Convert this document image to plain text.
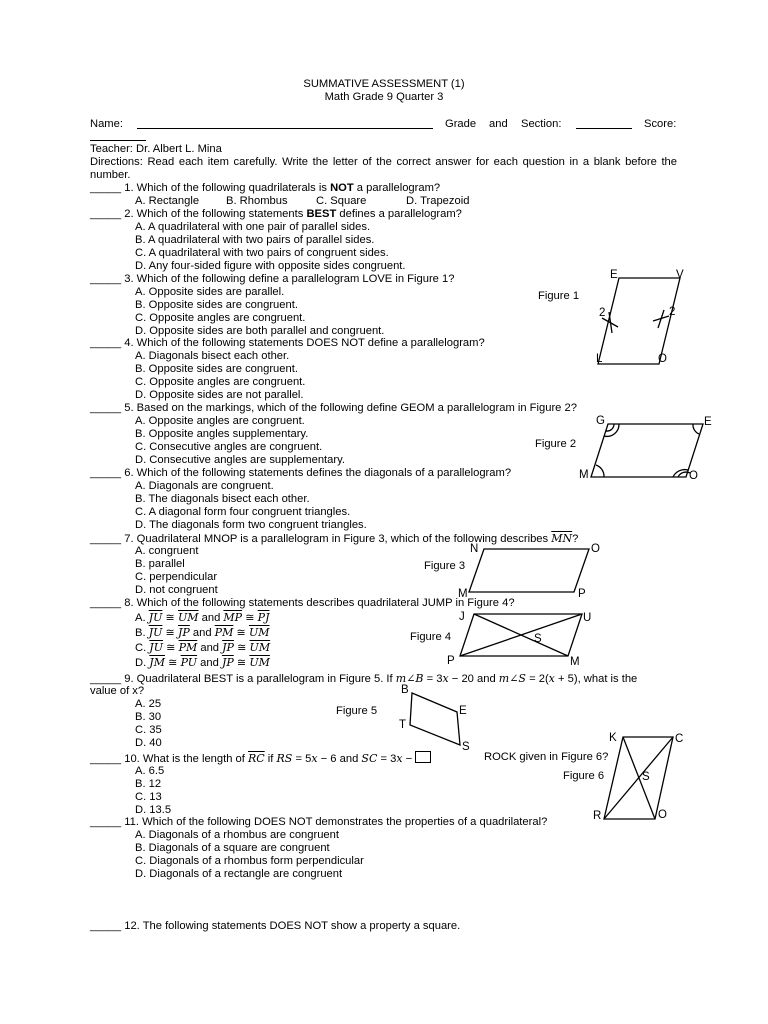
SUMMATIVE ASSESSMENT (1)
Math Grade 9 Quarter 3
Name:	Grade and Section:	Score:
Teacher: Dr. Albert L. Mina
Directions: Read each item carefully. Write the letter of the correct answer for each question in a blank before the
number.
_____ 1. Which of the following quadrilaterals is NOT a parallelogram?
A. Rectangle B. Rhombus	C. Square	D. Trapezoid
_____ 2. Which of the following statements BEST defines a parallelogram?
A. A quadrilateral with one pair of parallel sides.
B. A quadrilateral with two pairs of parallel sides.
C. A quadrilateral with two pairs of congruent sides.
D. Any four-sided figure with opposite sides congruent.
_____ 3. Which of the following define a parallelogram LOVE in Figure 1?
A. Opposite sides are parallel.
B. Opposite sides are congruent.
C. Opposite angles are congruent.
D. Opposite sides are both parallel and congruent.
_____ 4. Which of the following statements DOES NOT define a parallelogram?
A. Diagonals bisect each other.
B. Opposite sides are congruent.
C. Opposite angles are congruent.
D. Opposite sides are not parallel.
_____ 5. Based on the markings, which of the following define GEOM a parallelogram in Figure 2?
A. Opposite angles are congruent.
B. Opposite angles supplementary.
C. Consecutive angles are congruent.
D. Consecutive angles are supplementary.
_____ 6. Which of the following statements defines the diagonals of a parallelogram?
A. Diagonals are congruent.
B. The diagonals bisect each other.
C. A diagonal form four congruent triangles.
D. The diagonals form two congruent triangles.
_____ 7. Quadrilateral MNOP is a parallelogram in Figure 3, which of the following describes $\overline{MN}$?
A. congruent
B. parallel
C. perpendicular
D. not congruent
_____ 8. Which of the following statements describes quadrilateral JUMP in Figure 4?
A. $\overline{JU}$ ≅ $\overline{UM}$ and $\overline{MP}$ ≅ $\overline{PJ}$
B. $\overline{JU}$ ≅ $\overline{JP}$ and $\overline{PM}$ ≅ $\overline{UM}$
C. $\overline{JU}$ ≅ $\overline{PM}$ and $\overline{JP}$ ≅ $\overline{UM}$
D. $\overline{JM}$ ≅ $\overline{PU}$ and $\overline{JP}$ ≅ $\overline{UM}$
_____ 9. Quadrilateral BEST is a parallelogram in Figure 5. If m∠B = 3x − 20 and m∠S = 2(x + 5), what is the
value of x?
A. 25
B. 30
C. 35
D. 40
_____ 10. What is the length of $\overline{RC}$ if RS = 5x − 6 and SC = 3x −	ROCK given in Figure 6?
A. 6.5
B. 12
C. 13
D. 13.5
_____ 11. Which of the following DOES NOT demonstrates the properties of a quadrilateral?
A. Diagonals of a rhombus are congruent
B. Diagonals of a square are congruent
C. Diagonals of a rhombus form perpendicular
D. Diagonals of a rectangle are congruent
_____ 12. The following statements DOES NOT show a property a square.
Figure 1
Figure 2
Figure 3
Figure 4
Figure 5
Figure 6
E	V
L	O
2	2
G	E
M	O
N	O
M	P
J	U
P	M
S
B
E
T
S
K	C
R	O
S
